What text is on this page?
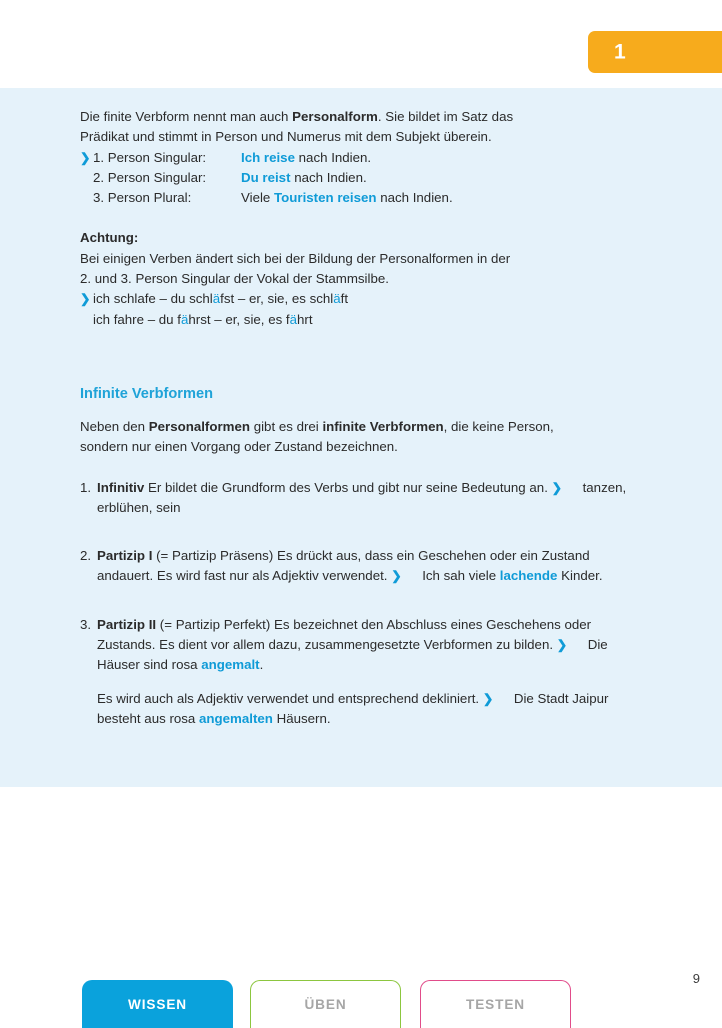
1
Die finite Verbform nennt man auch Personalform. Sie bildet im Satz das
Prädikat und stimmt in Person und Numerus mit dem Subjekt überein.
❯ 1. Person Singular:	Ich reise nach Indien.
2. Person Singular:	Du reist nach Indien.
3. Person Plural:	Viele Touristen reisen nach Indien.
Achtung:
Bei einigen Verben ändert sich bei der Bildung der Personalformen in der
2. und 3. Person Singular der Vokal der Stammsilbe.
❯ ich schlafe – du schläfst – er, sie, es schläft
ich fahre – du fährst – er, sie, es fährt
Infinite Verbformen
Neben den Personalformen gibt es drei infinite Verbformen, die keine Person,
sondern nur einen Vorgang oder Zustand bezeichnen.
1. Infinitiv Er bildet die Grundform des Verbs und gibt nur seine Bedeutung an. ❯ tanzen, erblühen, sein
2. Partizip I (= Partizip Präsens) Es drückt aus, dass ein Geschehen oder ein Zustand andauert. Es wird fast nur als Adjektiv verwendet. ❯ Ich sah viele lachende Kinder.
3. Partizip II (= Partizip Perfekt) Es bezeichnet den Abschluss eines Geschehens oder Zustands. Es dient vor allem dazu, zusammengesetzte Verbformen zu bilden. ❯ Die Häuser sind rosa angemalt.
Es wird auch als Adjektiv verwendet und entsprechend dekliniert. ❯ Die Stadt Jaipur besteht aus rosa angemalten Häusern.
WISSEN	ÜBEN	TESTEN
9
